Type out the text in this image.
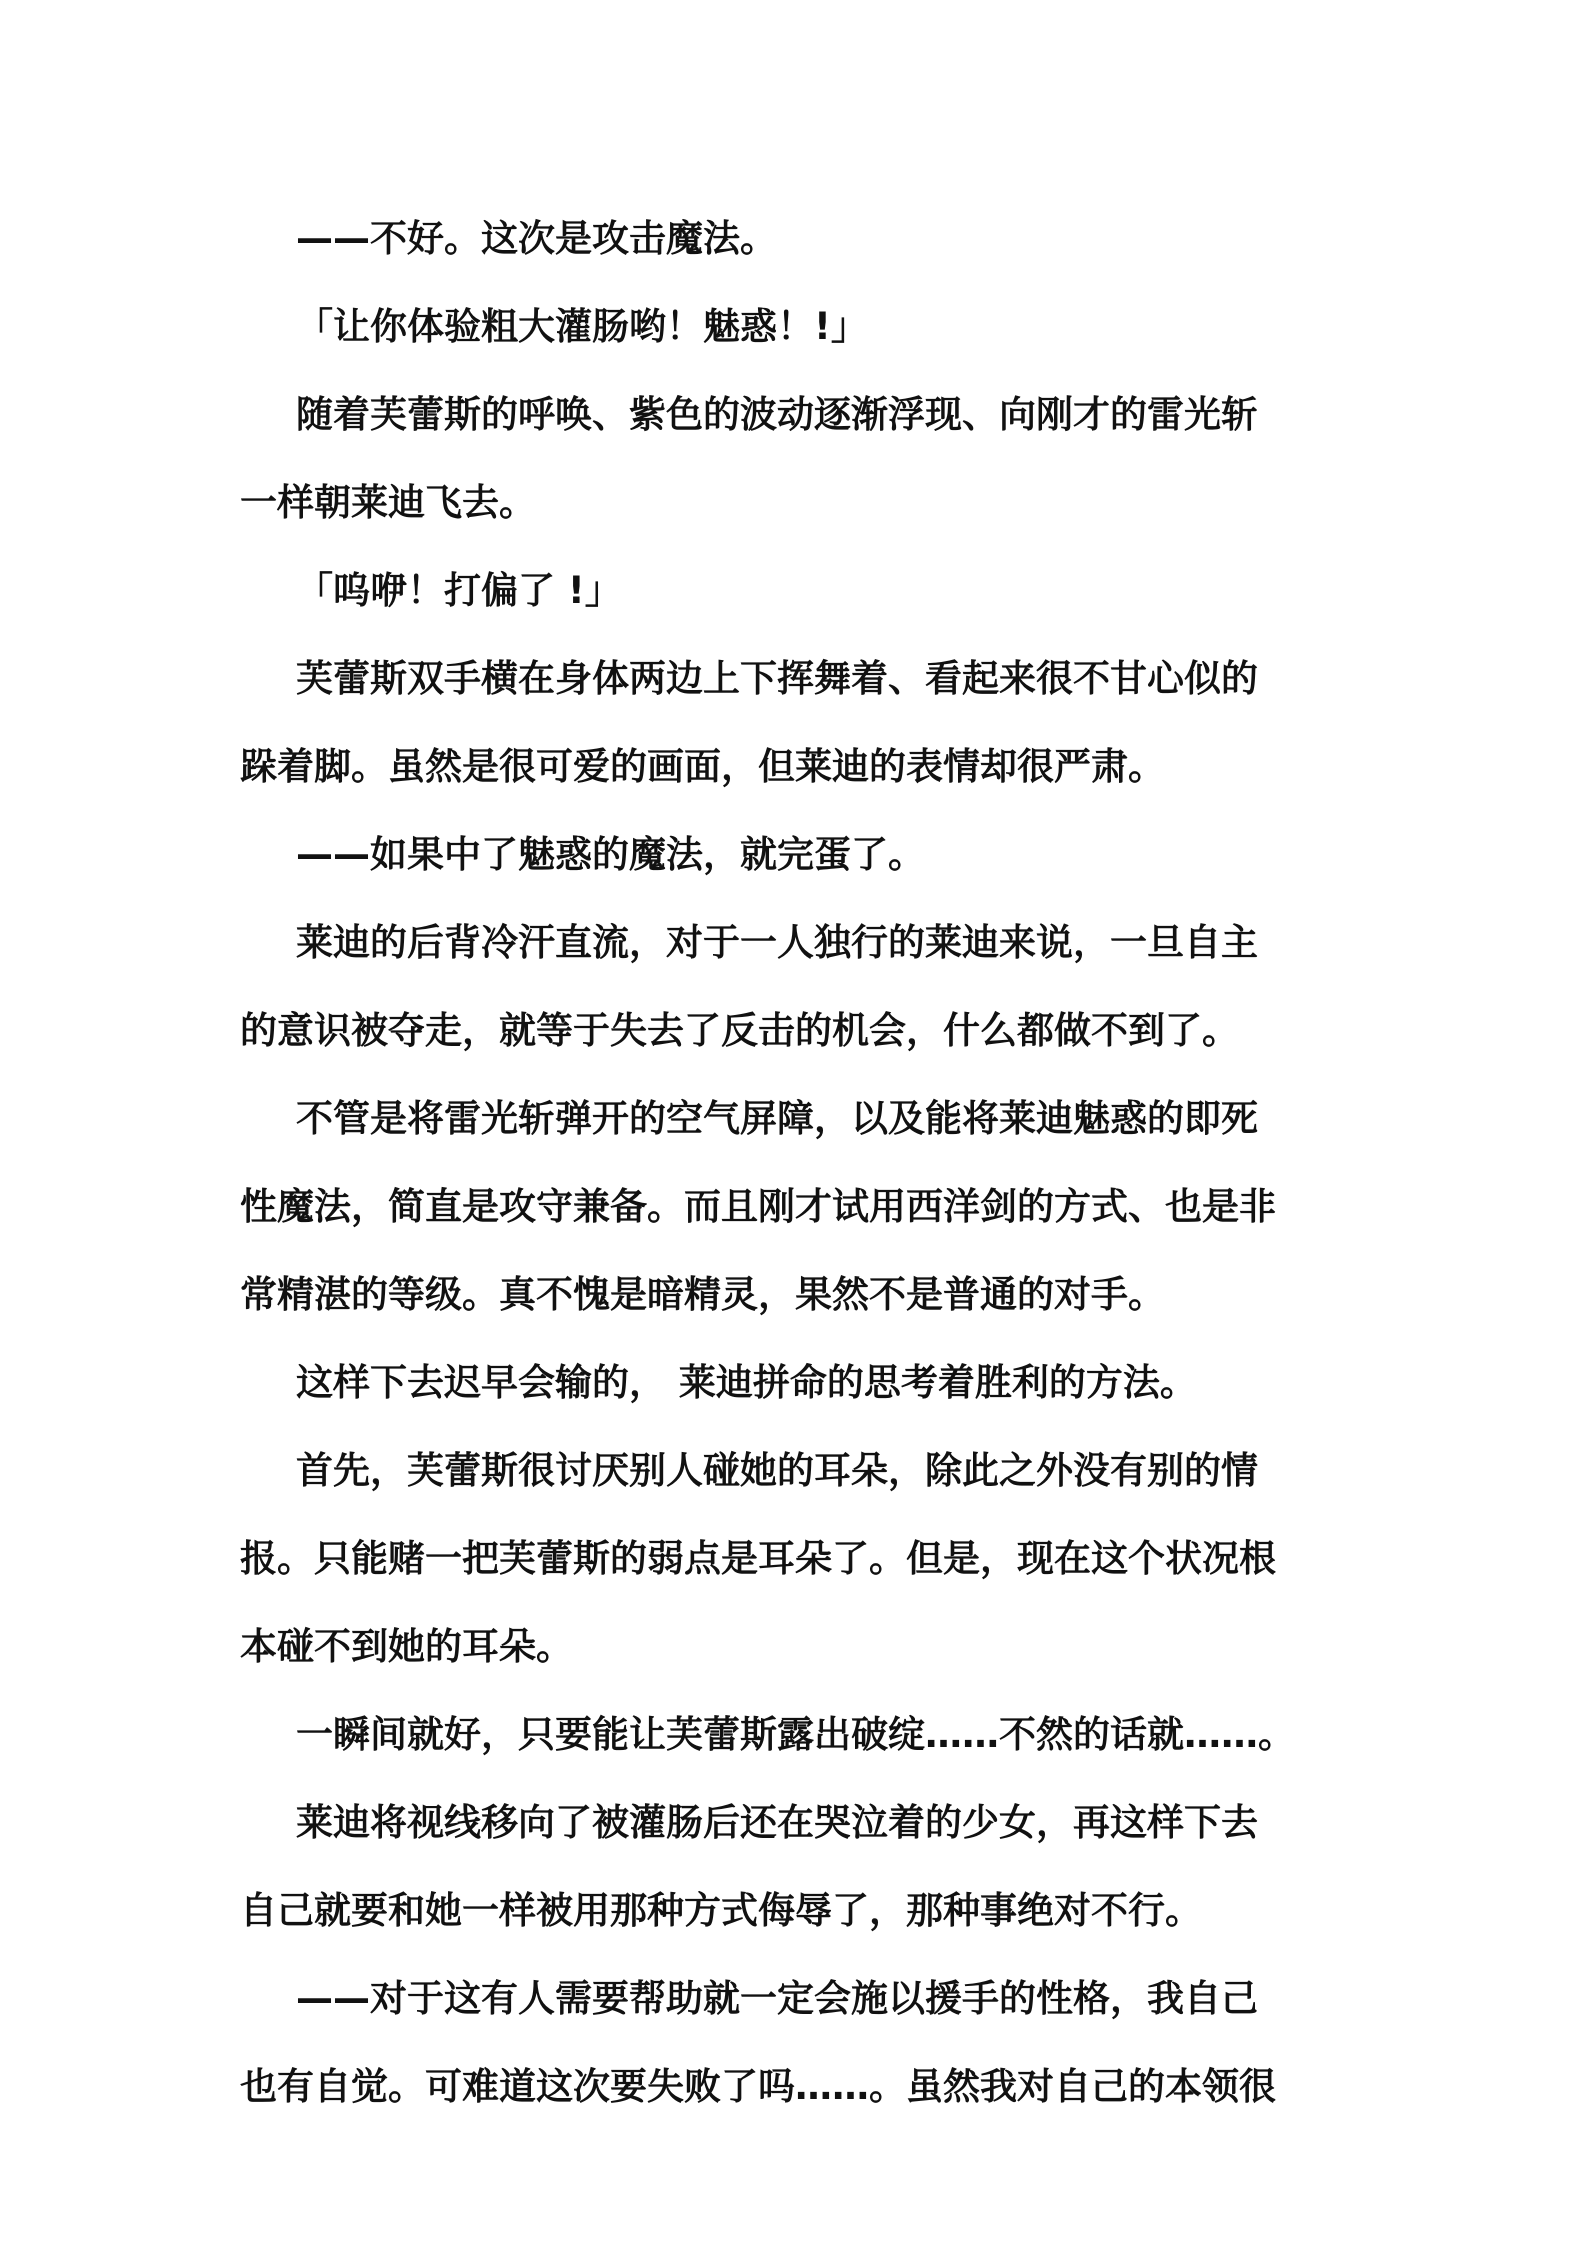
——不好。这次是攻击魔法。
「让你体验粗大灌肠哟！魅惑！!」
随着芙蕾斯的呼唤、紫色的波动逐渐浮现、向刚才的雷光斩
一样朝莱迪飞去。
「呜咿！打偏了 !」
芙蕾斯双手横在身体两边上下挥舞着、看起来很不甘心似的
跺着脚。虽然是很可爱的画面，但莱迪的表情却很严肃。
——如果中了魅惑的魔法，就完蛋了。
莱迪的后背冷汗直流，对于一人独行的莱迪来说，一旦自主
的意识被夺走，就等于失去了反击的机会，什么都做不到了。
不管是将雷光斩弹开的空气屏障，以及能将莱迪魅惑的即死
性魔法，简直是攻守兼备。而且刚才试用西洋剑的方式、也是非
常精湛的等级。真不愧是暗精灵，果然不是普通的对手。
这样下去迟早会输的， 莱迪拼命的思考着胜利的方法。
首先，芙蕾斯很讨厌别人碰她的耳朵，除此之外没有别的情
报。只能赌一把芙蕾斯的弱点是耳朵了。但是，现在这个状况根
本碰不到她的耳朵。
一瞬间就好，只要能让芙蕾斯露出破绽……不然的话就……。
莱迪将视线移向了被灌肠后还在哭泣着的少女，再这样下去
自己就要和她一样被用那种方式侮辱了，那种事绝对不行。
——对于这有人需要帮助就一定会施以援手的性格，我自己
也有自觉。可难道这次要失败了吗……。虽然我对自己的本领很
